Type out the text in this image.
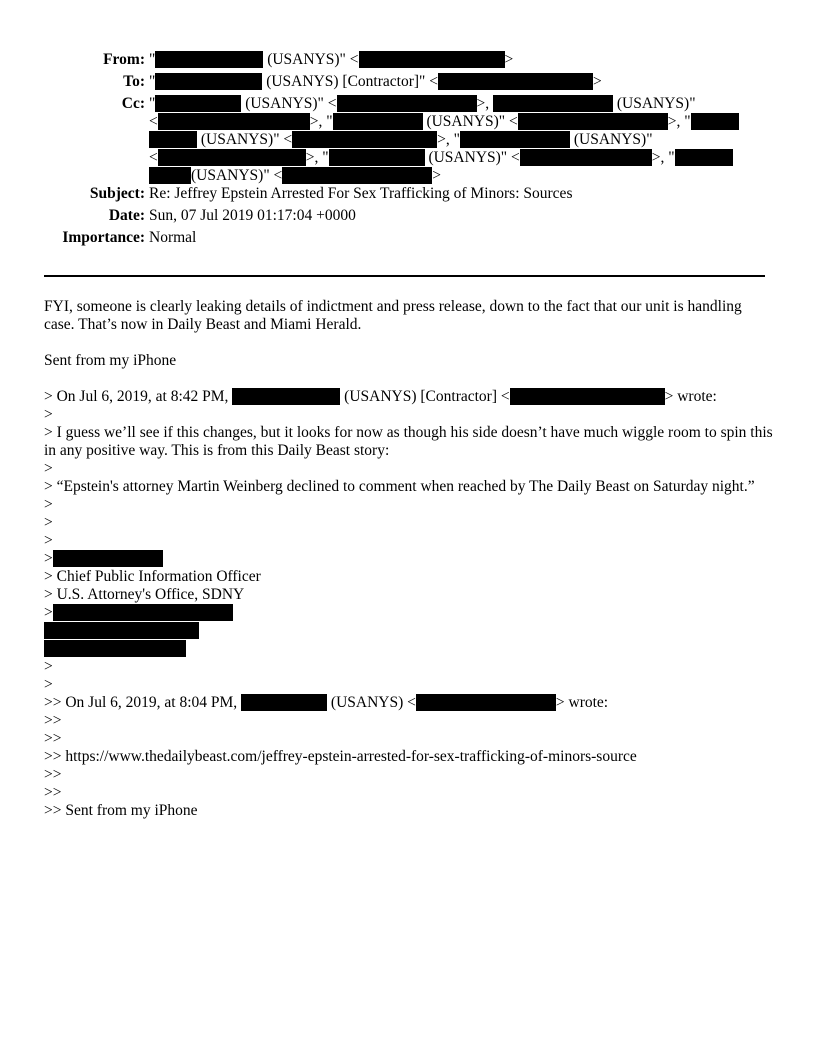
From:	" (USANYS)" < >
To:	" (USANYS) [Contractor]" < >
Cc:	" (USANYS)" < >, (USANYS)"
< >, " (USANYS)" < >, "
(USANYS)" < >, " (USANYS)"
< >, " (USANYS)" < >, "
(USANYS)" < >

Subject:	Re: Jeffrey Epstein Arrested For Sex Trafficking of Minors: Sources
Date:	Sun, 07 Jul 2019 01:17:04 +0000
Importance:	Normal
FYI, someone is clearly leaking details of indictment and press release, down to the fact that our unit is handling case. That’s now in Daily Beast and Miami Herald.
Sent from my iPhone
> On Jul 6, 2019, at 8:42 PM,	(USANYS) [Contractor] <	> wrote:
>
> I guess we’ll see if this changes, but it looks for now as though his side doesn’t have much wiggle room to spin this in any positive way. This is from this Daily Beast story:
>
> “Epstein's attorney Martin Weinberg declined to comment when reached by The Daily Beast on Saturday night.”
>
>
>
>
> Chief Public Information Officer
> U.S. Attorney's Office, SDNY
>
>
>
>> On Jul 6, 2019, at 8:04 PM,	(USANYS) <	> wrote:
>>
>>
>> https://www.thedailybeast.com/jeffrey-epstein-arrested-for-sex-trafficking-of-minors-source
>>
>>
>> Sent from my iPhone
